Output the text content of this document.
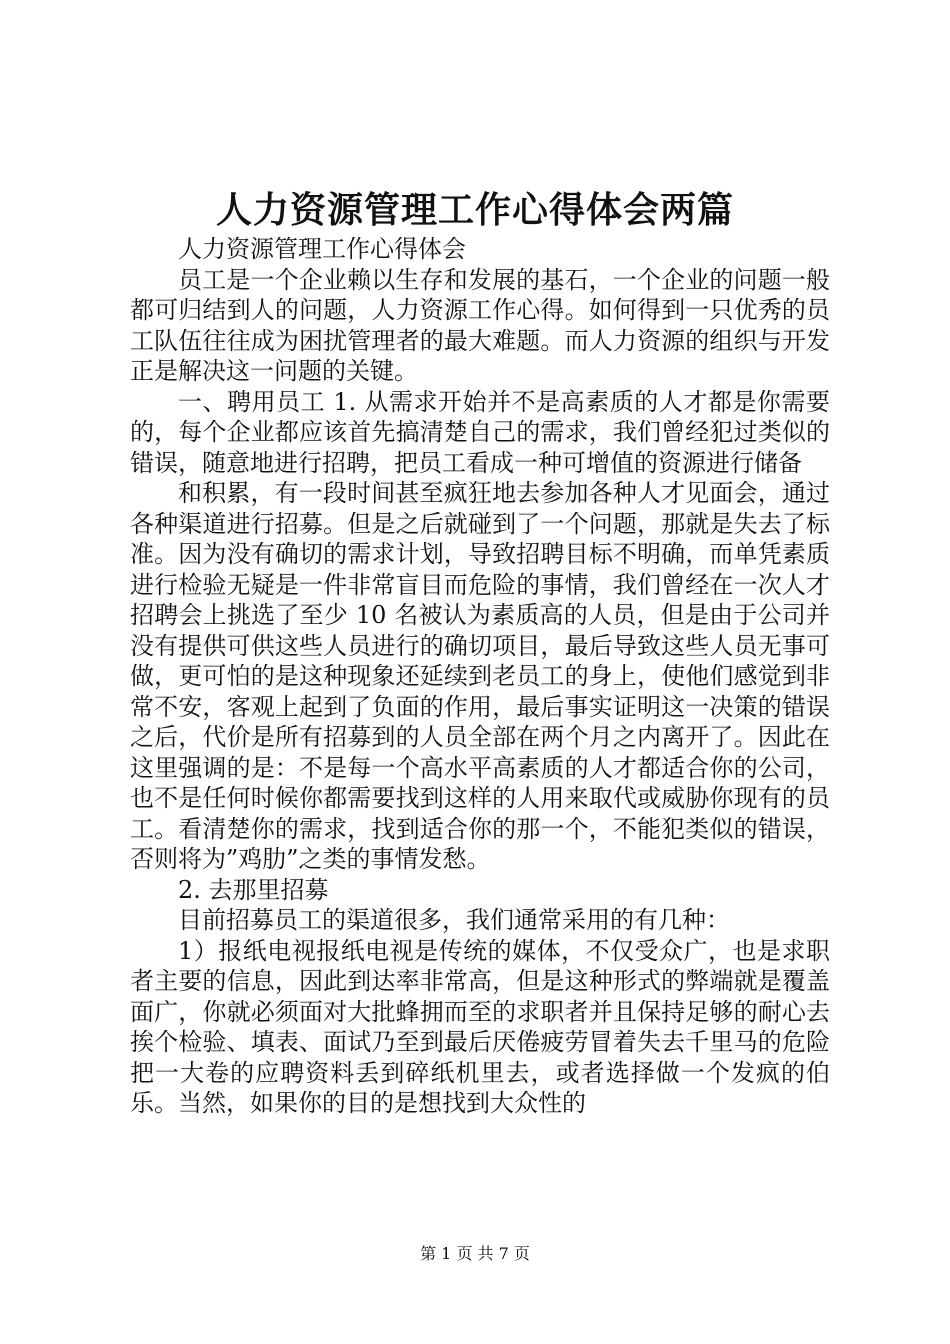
人力资源管理工作心得体会两篇

人力资源管理工作心得体会

员工是一个企业赖以生存和发展的基石，一个企业的问题一般都可归结到人的问题，人力资源工作心得。如何得到一只优秀的员工队伍往往成为困扰管理者的最大难题。而人力资源的组织与开发正是解决这一问题的关键。

一、聘用员工 1. 从需求开始并不是高素质的人才都是你需要的，每个企业都应该首先搞清楚自己的需求，我们曾经犯过类似的错误，随意地进行招聘，把员工看成一种可增值的资源进行储备

和积累，有一段时间甚至疯狂地去参加各种人才见面会，通过各种渠道进行招募。但是之后就碰到了一个问题，那就是失去了标准。因为没有确切的需求计划，导致招聘目标不明确，而单凭素质进行检验无疑是一件非常盲目而危险的事情，我们曾经在一次人才招聘会上挑选了至少 10 名被认为素质高的人员，但是由于公司并没有提供可供这些人员进行的确切项目，最后导致这些人员无事可做，更可怕的是这种现象还延续到老员工的身上，使他们感觉到非常不安，客观上起到了负面的作用，最后事实证明这一决策的错误之后，代价是所有招募到的人员全部在两个月之内离开了。因此在这里强调的是：不是每一个高水平高素质的人才都适合你的公司，也不是任何时候你都需要找到这样的人用来取代或威胁你现有的员工。看清楚你的需求，找到适合你的那一个，不能犯类似的错误，否则将为”鸡肋”之类的事情发愁。

2. 去那里招募

目前招募员工的渠道很多，我们通常采用的有几种：

1）报纸电视报纸电视是传统的媒体，不仅受众广，也是求职者主要的信息，因此到达率非常高，但是这种形式的弊端就是覆盖面广，你就必须面对大批蜂拥而至的求职者并且保持足够的耐心去挨个检验、填表、面试乃至到最后厌倦疲劳冒着失去千里马的危险把一大卷的应聘资料丢到碎纸机里去，或者选择做一个发疯的伯乐。当然，如果你的目的是想找到大众性的

第 1 页 共 7 页
